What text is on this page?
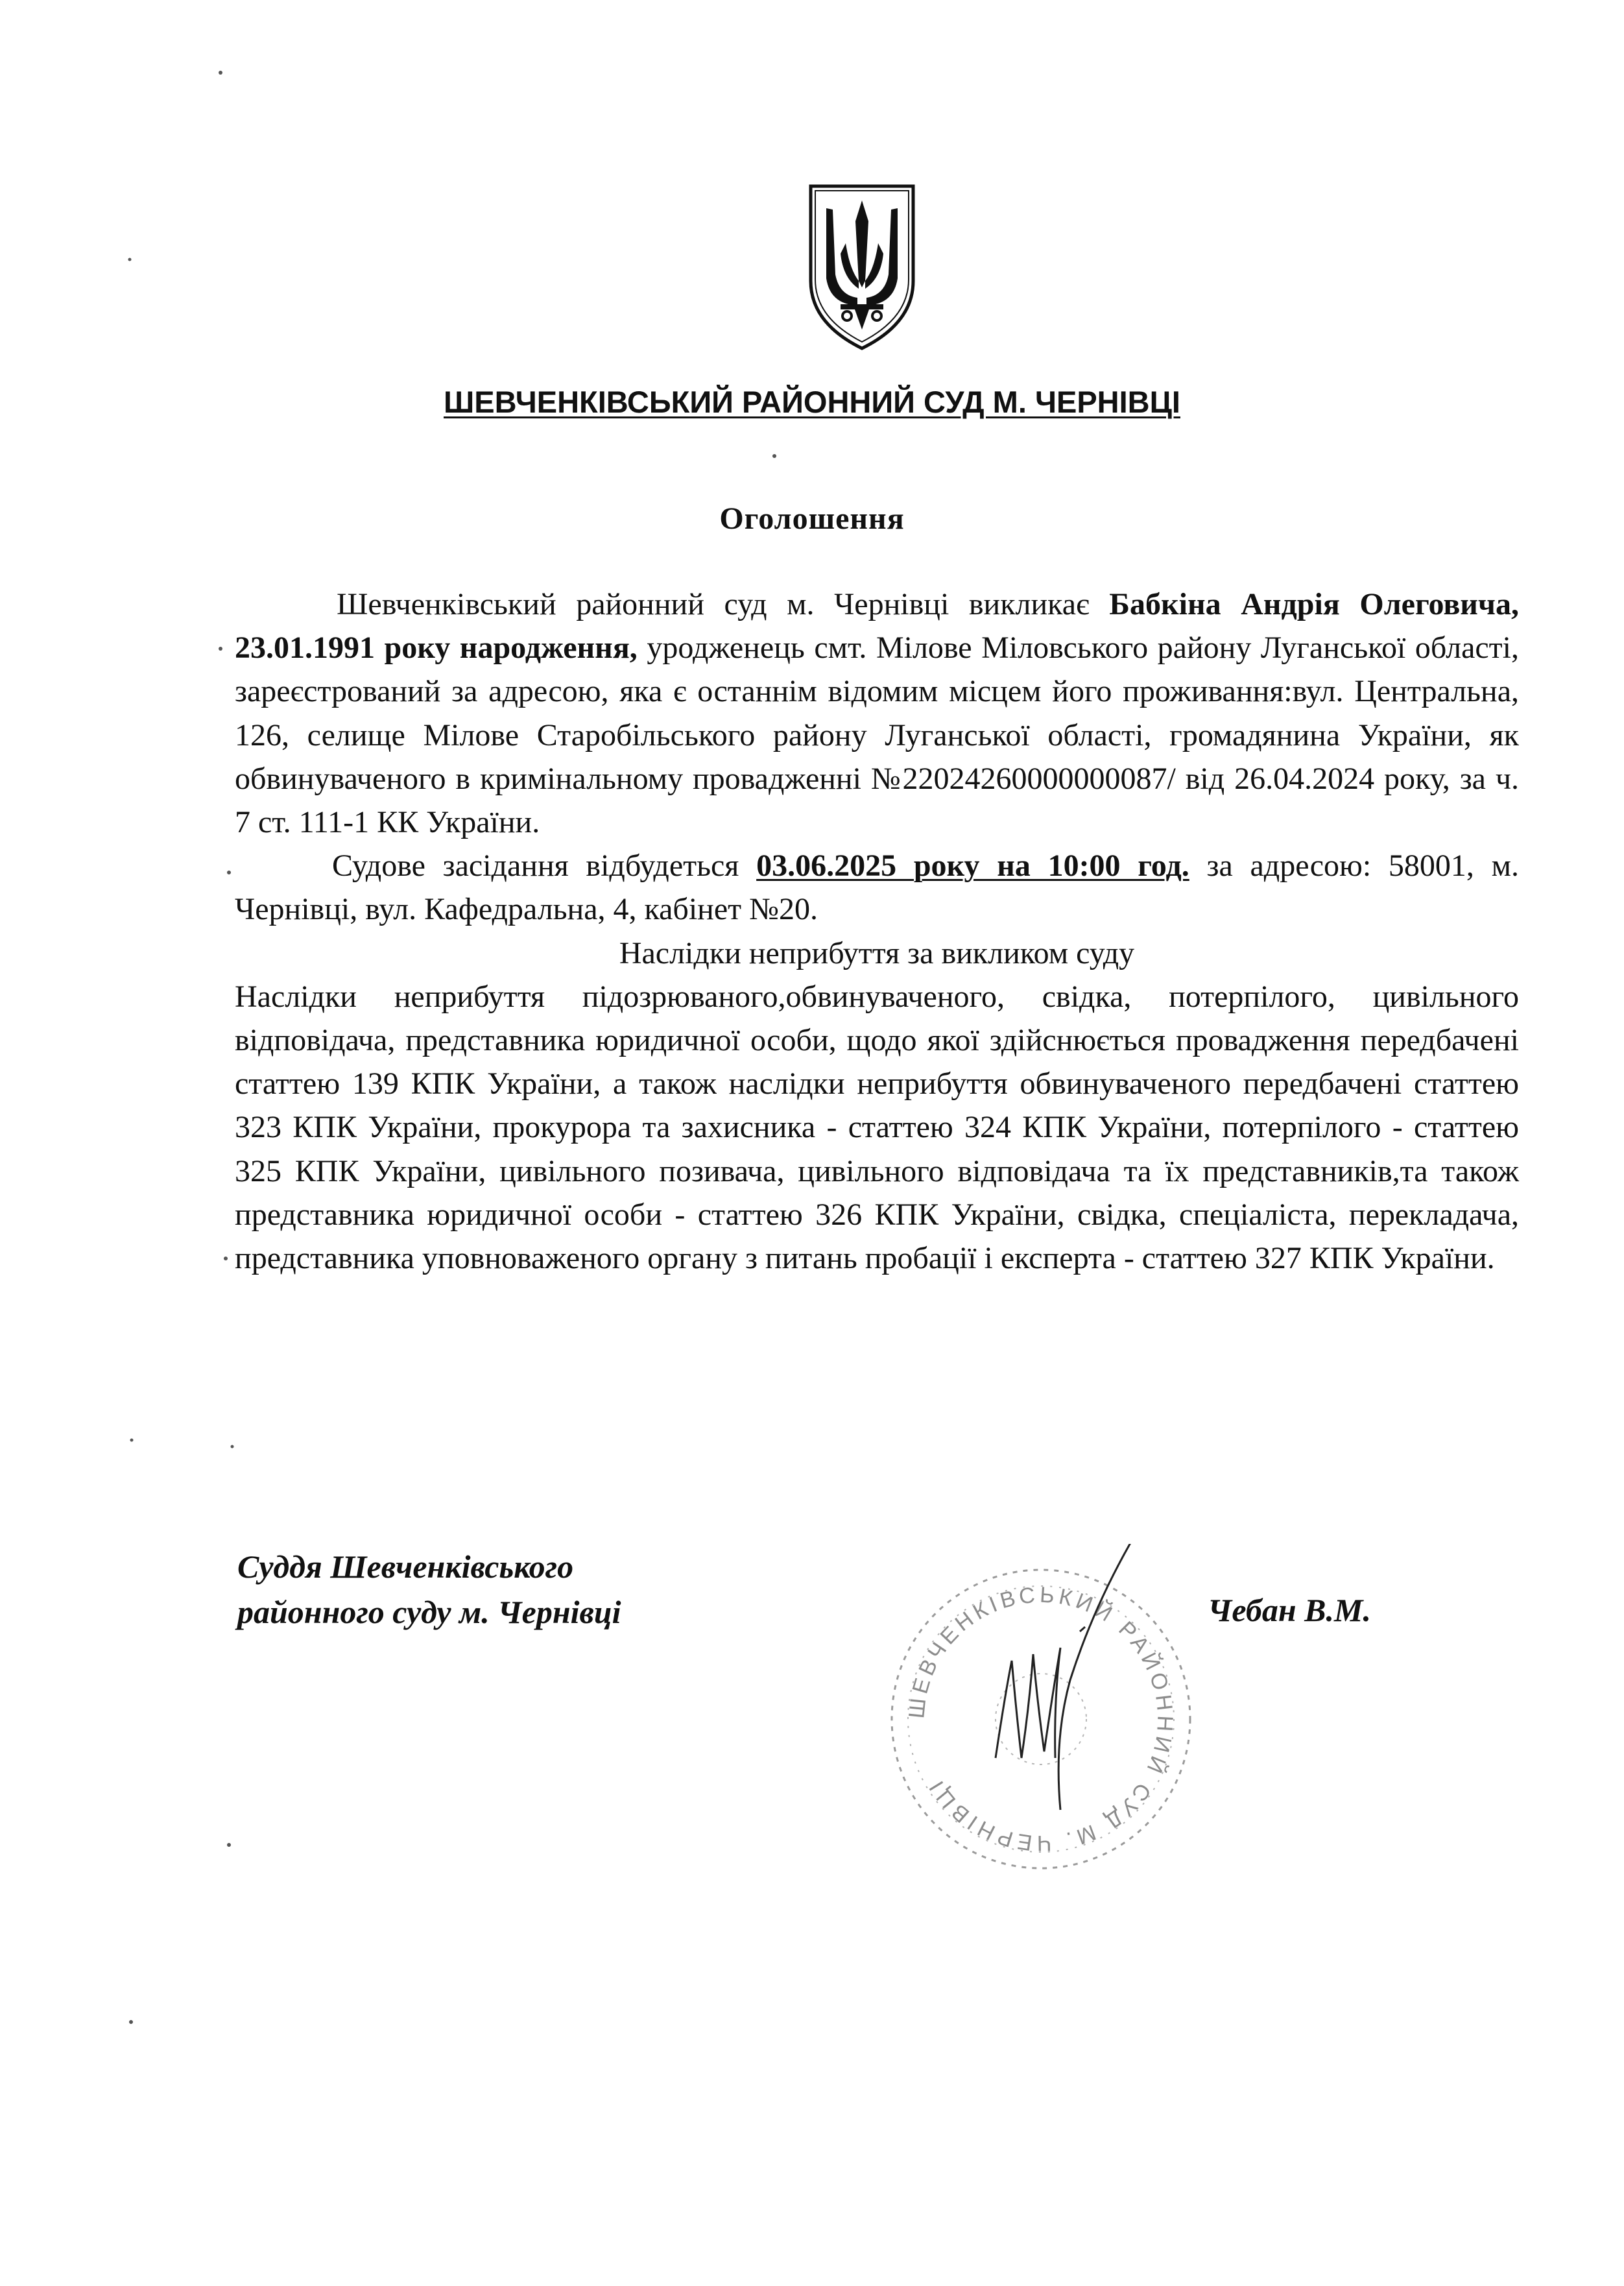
ШЕВЧЕНКІВСЬКИЙ РАЙОННИЙ СУД М. ЧЕРНІВЦІ
Оголошення

Шевченківський районний суд м. Чернівці викликає Бабкіна Андрія Олеговича, 23.01.1991 року народження, уродженець смт. Мілове Міловського району Луганської області, зареєстрований за адресою, яка є останнім відомим місцем його проживання:вул. Центральна, 126, селище Мілове Старобільського району Луганської області, громадянина України, як обвинуваченого в кримінальному провадженні №22024260000000087/ від 26.04.2024 року, за ч. 7 ст. 111-1 КК України.

Судове засідання відбудеться 03.06.2025 року на 10:00 год. за адресою: 58001, м. Чернівці, вул. Кафедральна, 4, кабінет №20.

Наслідки неприбуття за викликом суду

Наслідки неприбуття підозрюваного,обвинуваченого, свідка, потерпілого, цивільного відповідача, представника юридичної особи, щодо якої здійснюється провадження передбачені статтею 139 КПК України, а також наслідки неприбуття обвинуваченого передбачені статтею 323 КПК України, прокурора та захисника - статтею 324 КПК України, потерпілого - статтею 325 КПК України, цивільного позивача, цивільного відповідача та їх представників,та також представника юридичної особи - статтею 326 КПК України, свідка, спеціаліста, перекладача, представника уповноваженого органу з питань пробації і експерта - статтею 327 КПК України.

Суддя Шевченківського
районного суду м. Чернівці	Чебан В.М.
ШЕВЧЕНКІВСЬКИЙ РАЙОННИЙ СУД М. ЧЕРНІВЦІ
